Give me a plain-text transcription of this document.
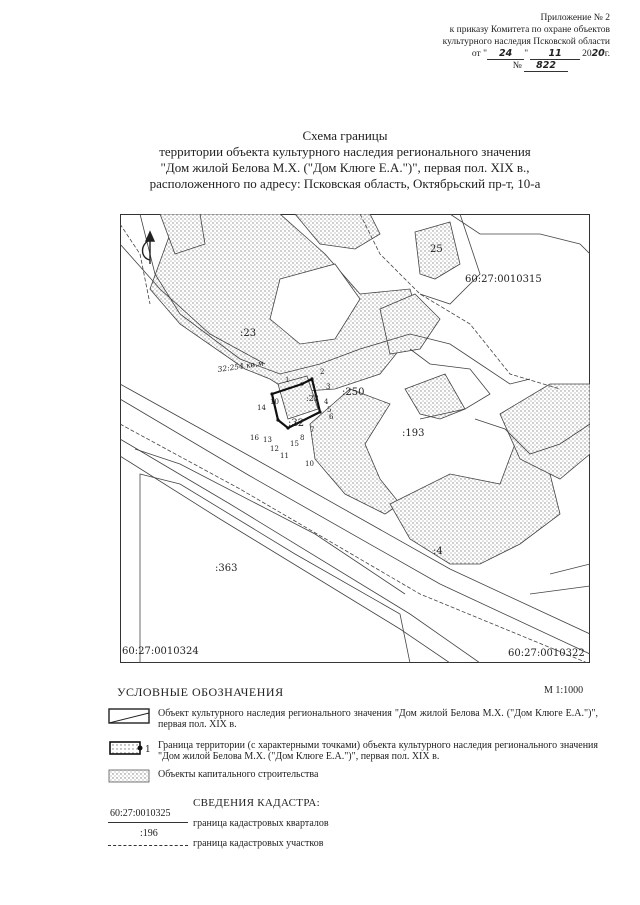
Приложение № 2
к приказу Комитета по охране объектов
культурного наследия Псковской области
от " 24 " 11 2020г.
№ 822
Схема границы
территории объекта культурного наследия регионального значения
"Дом жилой Белова М.Х. ("Дом Клюге Е.А.")", первая пол. XIX в.,
расположенного по адресу: Псковская область, Октябрьский пр-т, 10-а
:23
:250
:32
:22
:193
:4
:363
25
60:27:0010315
60:27:0010324	60:27:0010322
32:254 кв.м
1
2
3
4
5
6
7
8
10
11
12
13
16
14
10
15
УСЛОВНЫЕ ОБОЗНАЧЕНИЯ	М 1:1000
Объект культурного наследия регионального значения "Дом жилой Белова М.Х. ("Дом Клюге Е.А.")", первая пол. XIX в.
1 Граница территории (с характерными точками) объекта культурного наследия регионального значения "Дом жилой Белова М.Х. ("Дом Клюге Е.А.")", первая пол. XIX в.
Объекты капитального строительства
СВЕДЕНИЯ КАДАСТРА:
60:27:0010325
граница кадастровых кварталов
:196
граница кадастровых участков
